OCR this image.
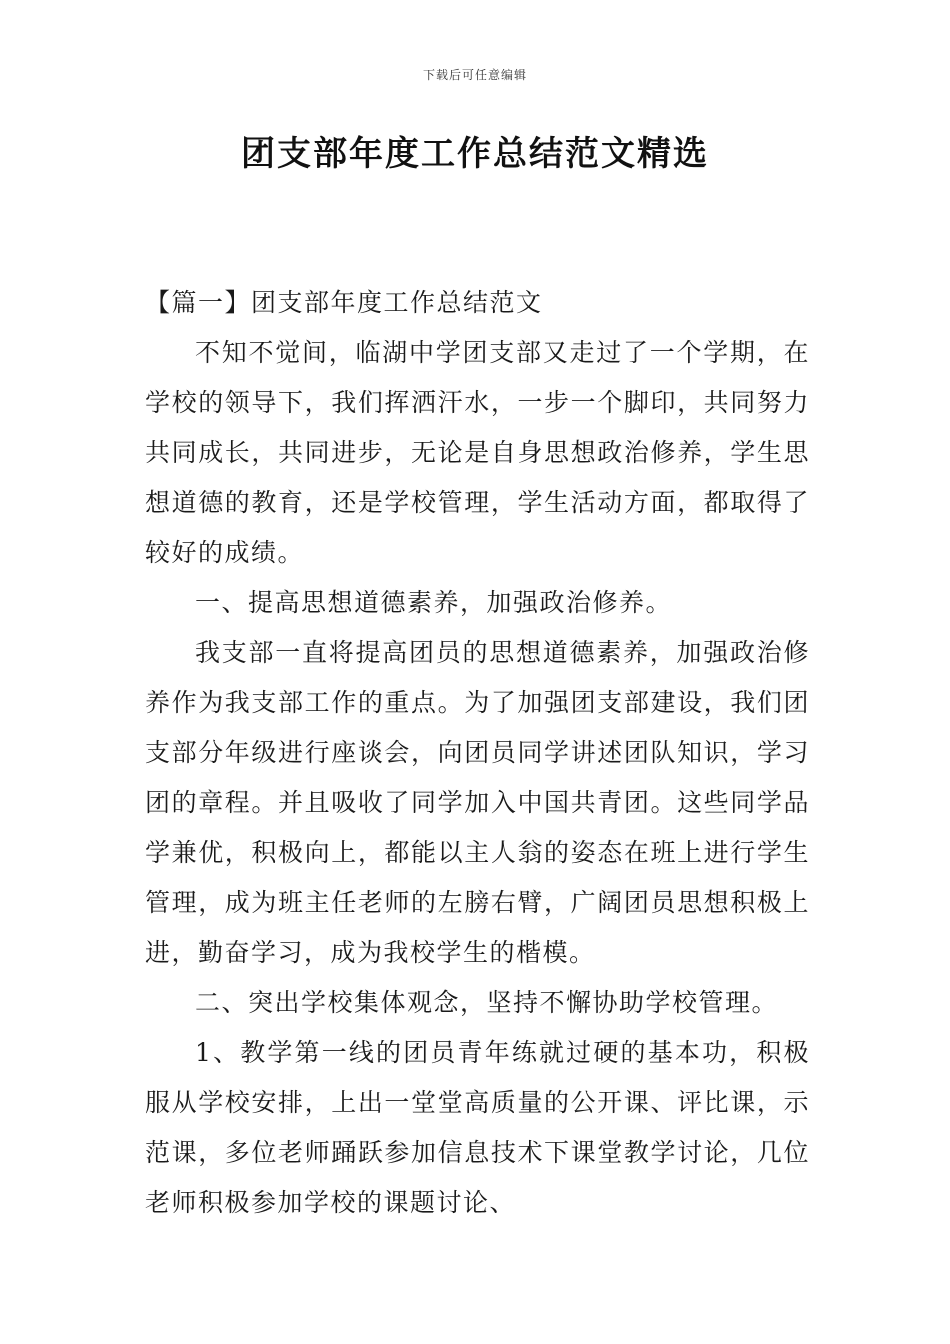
下载后可任意编辑
团支部年度工作总结范文精选

【篇一】团支部年度工作总结范文

不知不觉间，临湖中学团支部又走过了一个学期，在学校的领导下，我们挥洒汗水，一步一个脚印，共同努力共同成长，共同进步，无论是自身思想政治修养，学生思想道德的教育，还是学校管理，学生活动方面，都取得了较好的成绩。

一、提高思想道德素养，加强政治修养。

我支部一直将提高团员的思想道德素养，加强政治修养作为我支部工作的重点。为了加强团支部建设，我们团支部分年级进行座谈会，向团员同学讲述团队知识，学习团的章程。并且吸收了同学加入中国共青团。这些同学品学兼优，积极向上，都能以主人翁的姿态在班上进行学生管理，成为班主任老师的左膀右臂，广阔团员思想积极上进，勤奋学习，成为我校学生的楷模。

二、突出学校集体观念，坚持不懈协助学校管理。

1、教学第一线的团员青年练就过硬的基本功，积极服从学校安排，上出一堂堂高质量的公开课、评比课，示范课，多位老师踊跃参加信息技术下课堂教学讨论，几位老师积极参加学校的课题讨论、
